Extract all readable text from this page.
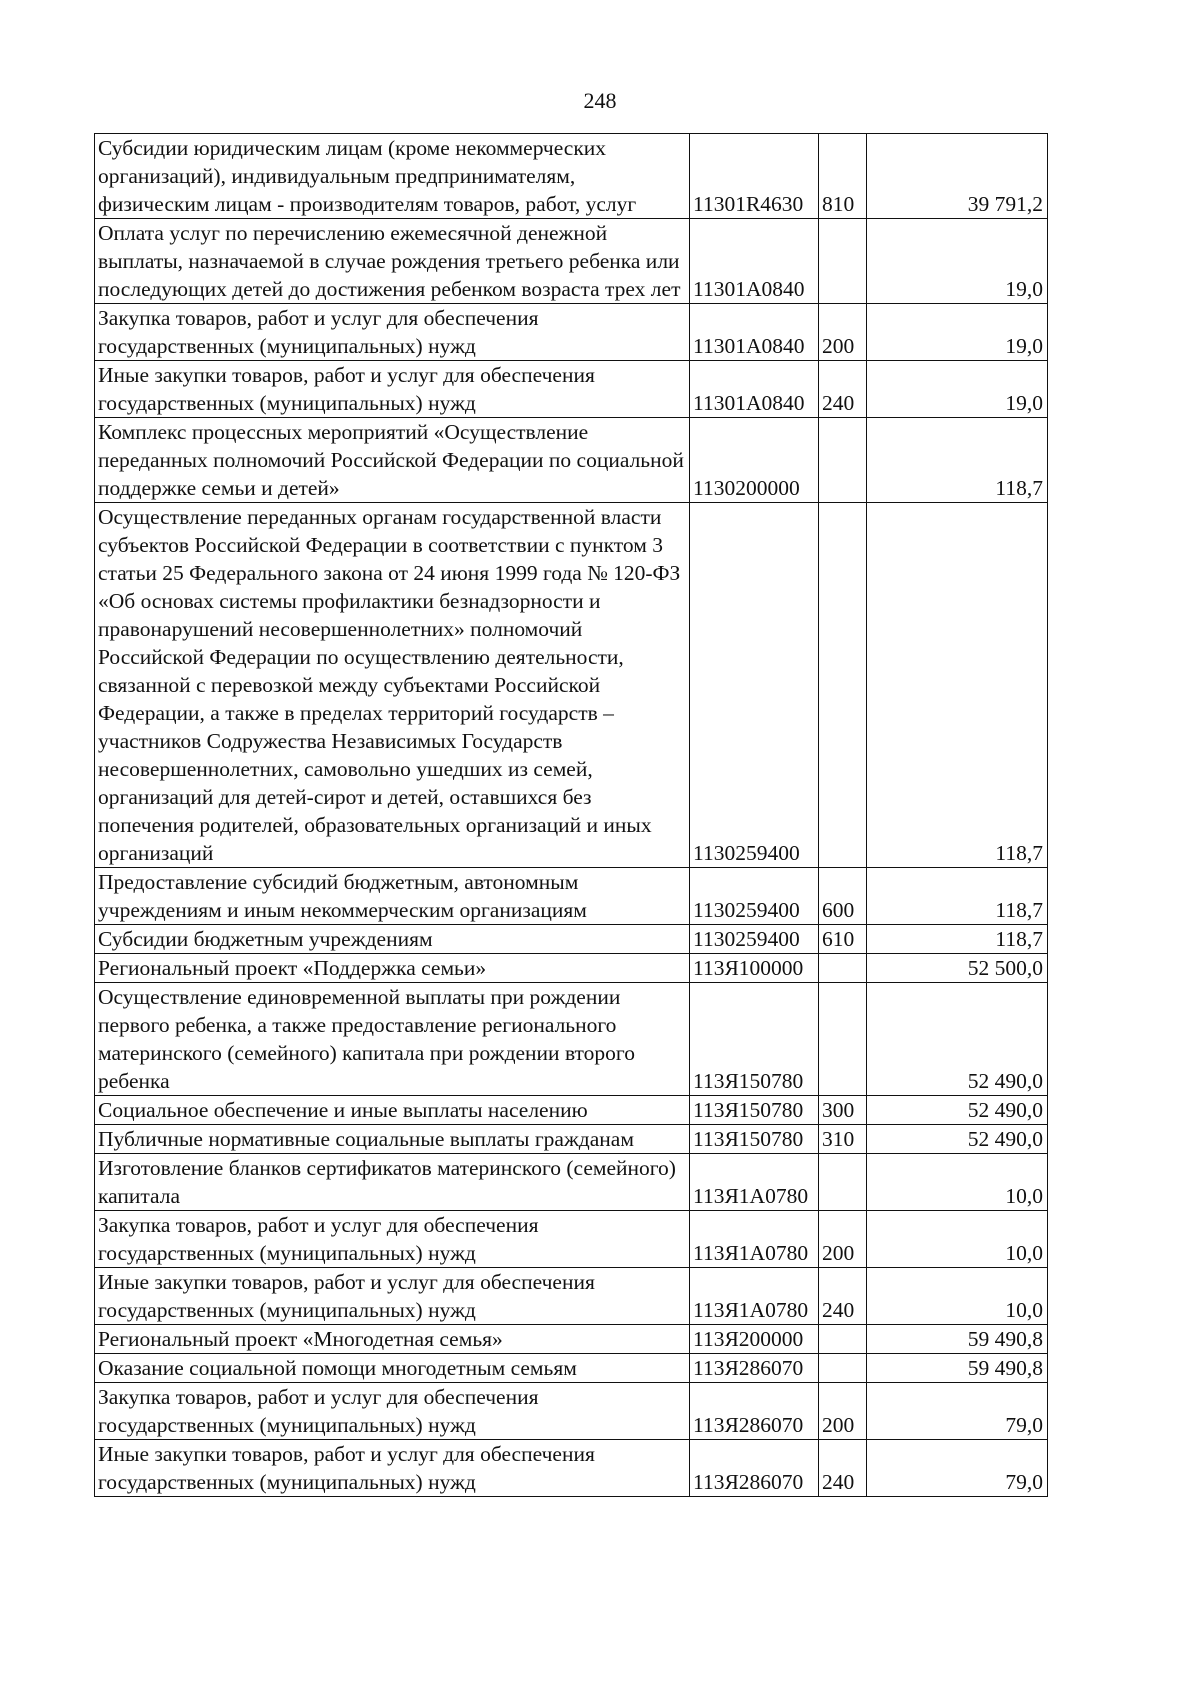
248
Субсидии юридическим лицам (кроме некоммерческих организаций), индивидуальным предпринимателям, физическим лицам - производителям товаров, работ, услуг	11301R4630	810	39 791,2
Оплата услуг по перечислению ежемесячной денежной выплаты, назначаемой в случае рождения третьего ребенка или последующих детей до достижения ребенком возраста трех лет	11301А0840		19,0
Закупка товаров, работ и услуг для обеспечения государственных (муниципальных) нужд	11301А0840	200	19,0
Иные закупки товаров, работ и услуг для обеспечения государственных (муниципальных) нужд	11301А0840	240	19,0
Комплекс процессных мероприятий «Осуществление переданных полномочий Российской Федерации по социальной поддержке семьи и детей»	1130200000		118,7
Осуществление переданных органам государственной власти субъектов Российской Федерации в соответствии с пунктом 3 статьи 25 Федерального закона от 24 июня 1999 года № 120-ФЗ «Об основах системы профилактики безнадзорности и правонарушений несовершеннолетних» полномочий Российской Федерации по осуществлению деятельности, связанной с перевозкой между субъектами Российской Федерации, а также в пределах территорий государств – участников Содружества Независимых Государств несовершеннолетних, самовольно ушедших из семей, организаций для детей-сирот и детей, оставшихся без попечения родителей, образовательных организаций и иных организаций	1130259400		118,7
Предоставление субсидий бюджетным, автономным учреждениям и иным некоммерческим организациям	1130259400	600	118,7
Субсидии бюджетным учреждениям	1130259400	610	118,7
Региональный проект «Поддержка семьи»	113Я100000		52 500,0
Осуществление единовременной выплаты при рождении первого ребенка, а также предоставление регионального материнского (семейного) капитала при рождении второго ребенка	113Я150780		52 490,0
Социальное обеспечение и иные выплаты населению	113Я150780	300	52 490,0
Публичные нормативные социальные выплаты гражданам	113Я150780	310	52 490,0
Изготовление бланков сертификатов материнского (семейного) капитала	113Я1А0780		10,0
Закупка товаров, работ и услуг для обеспечения государственных (муниципальных) нужд	113Я1А0780	200	10,0
Иные закупки товаров, работ и услуг для обеспечения государственных (муниципальных) нужд	113Я1А0780	240	10,0
Региональный проект «Многодетная семья»	113Я200000		59 490,8
Оказание социальной помощи многодетным семьям	113Я286070		59 490,8
Закупка товаров, работ и услуг для обеспечения государственных (муниципальных) нужд	113Я286070	200	79,0
Иные закупки товаров, работ и услуг для обеспечения государственных (муниципальных) нужд	113Я286070	240	79,0
